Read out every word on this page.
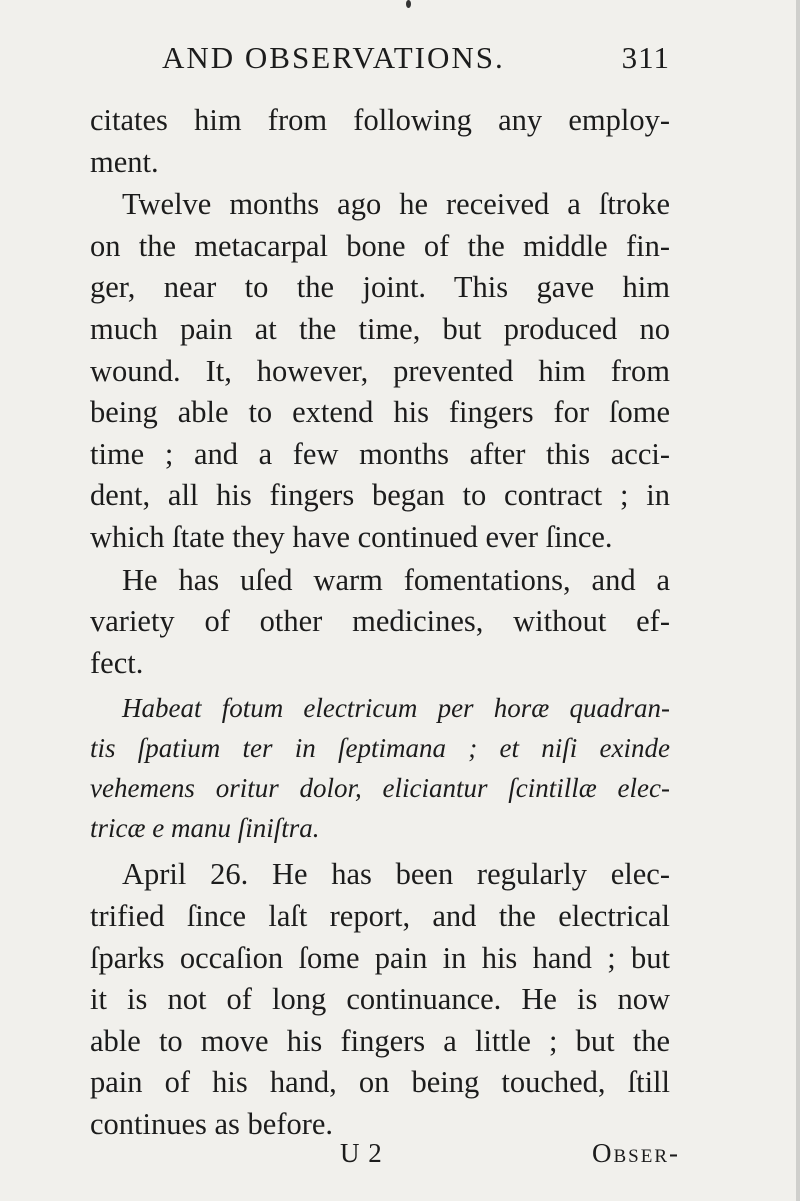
AND OBSERVATIONS.	311
citates him from following any employ-
ment.
Twelve months ago he received a ſtroke
on the metacarpal bone of the middle fin-
ger, near to the joint. This gave him
much pain at the time, but produced no
wound. It, however, prevented him from
being able to extend his fingers for ſome
time ; and a few months after this acci-
dent, all his fingers began to contract ; in
which ſtate they have continued ever ſince.
He has uſed warm fomentations, and a
variety of other medicines, without ef-
fect.
Habeat fotum electricum per horæ quadran-
tis ſpatium ter in ſeptimana ; et niſi exinde
vehemens oritur dolor, eliciantur ſcintillæ elec-
tricæ e manu ſiniſtra.
April 26. He has been regularly elec-
trified ſince laſt report, and the electrical
ſparks occaſion ſome pain in his hand ; but
it is not of long continuance. He is now
able to move his fingers a little ; but the
pain of his hand, on being touched, ſtill
continues as before.
U 2	Obser-
